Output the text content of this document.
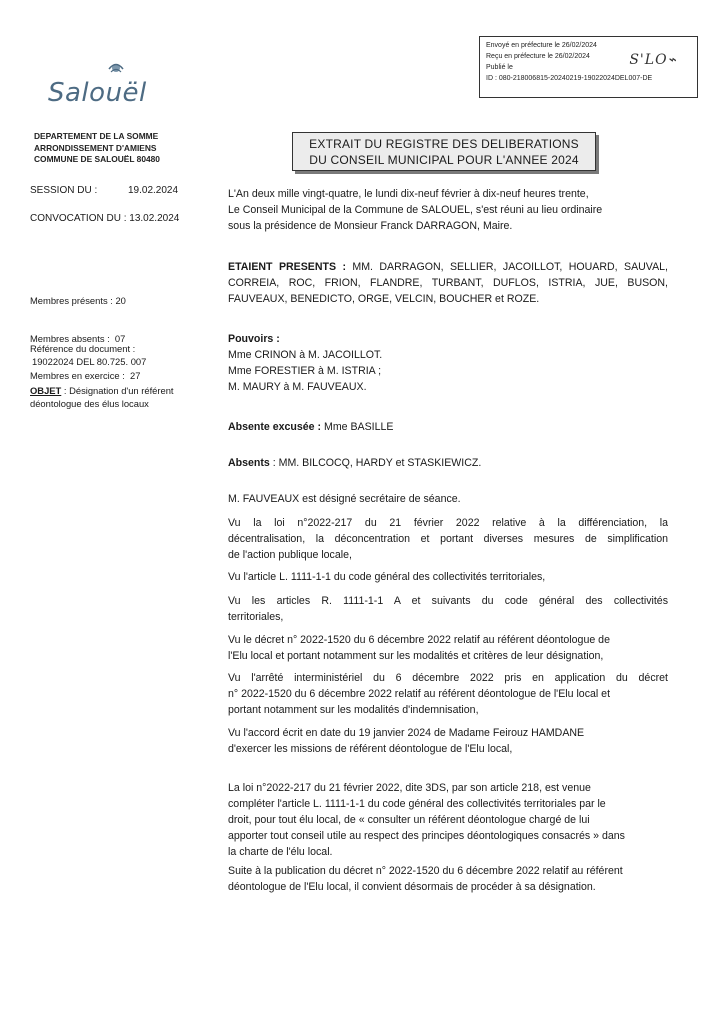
Envoyé en préfecture le 26/02/2024
Reçu en préfecture le 26/02/2024
Publié le
ID : 080-218006815-20240219-19022024DEL007-DE
S'LO⌁
Salouël
DEPARTEMENT DE LA SOMME
ARRONDISSEMENT D'AMIENS
COMMUNE DE SALOUËL 80480
EXTRAIT DU REGISTRE DES DELIBERATIONS
DU CONSEIL MUNICIPAL POUR L'ANNEE 2024
SESSION DU :	19.02.2024
CONVOCATION DU : 13.02.2024

Membres présents : 20

Membres absents :  07

Membres en exercice :  27

Référence du document :
19022024 DEL 80.725. 007
OBJET : Désignation d'un référent
déontologue des élus locaux
L'An deux mille vingt-quatre, le lundi dix-neuf février à dix-neuf heures trente,
Le Conseil Municipal de la Commune de SALOUEL, s'est réuni au lieu ordinaire
sous la présidence de Monsieur Franck DARRAGON, Maire.
ETAIENT PRESENTS : MM. DARRAGON, SELLIER, JACOILLOT, HOUARD, SAUVAL,
CORREIA, ROC, FRION, FLANDRE, TURBANT, DUFLOS, ISTRIA, JUE, BUSON,
FAUVEAUX, BENEDICTO, ORGE, VELCIN, BOUCHER et ROZE.
Pouvoirs :
Mme CRINON à M. JACOILLOT.
Mme FORESTIER à M. ISTRIA ;
M. MAURY à M. FAUVEAUX.
Absente excusée : Mme BASILLE
Absents : MM. BILCOCQ, HARDY et STASKIEWICZ.
M. FAUVEAUX est désigné secrétaire de séance.
Vu la loi n°2022-217 du 21 février 2022 relative à la différenciation, la
décentralisation, la déconcentration et portant diverses mesures de simplification
de l'action publique locale,
Vu l'article L. 1111-1-1 du code général des collectivités territoriales,
Vu les articles R. 1111-1-1 A et suivants du code général des collectivités
territoriales,
Vu le décret n° 2022-1520 du 6 décembre 2022 relatif au référent déontologue de
l'Elu local et portant notamment sur les modalités et critères de leur désignation,
Vu l'arrêté interministériel du 6 décembre 2022 pris en application du décret
n° 2022-1520 du 6 décembre 2022 relatif au référent déontologue de l'Elu local et
portant notamment sur les modalités d'indemnisation,
Vu l'accord écrit en date du 19 janvier 2024 de Madame Feirouz HAMDANE
d'exercer les missions de référent déontologue de l'Elu local,
La loi n°2022-217 du 21 février 2022, dite 3DS, par son article 218, est venue
compléter l'article L. 1111-1-1 du code général des collectivités territoriales par le
droit, pour tout élu local, de « consulter un référent déontologue chargé de lui
apporter tout conseil utile au respect des principes déontologiques consacrés » dans
la charte de l'élu local.
Suite à la publication du décret n° 2022-1520 du 6 décembre 2022 relatif au référent
déontologue de l'Elu local, il convient désormais de procéder à sa désignation.
